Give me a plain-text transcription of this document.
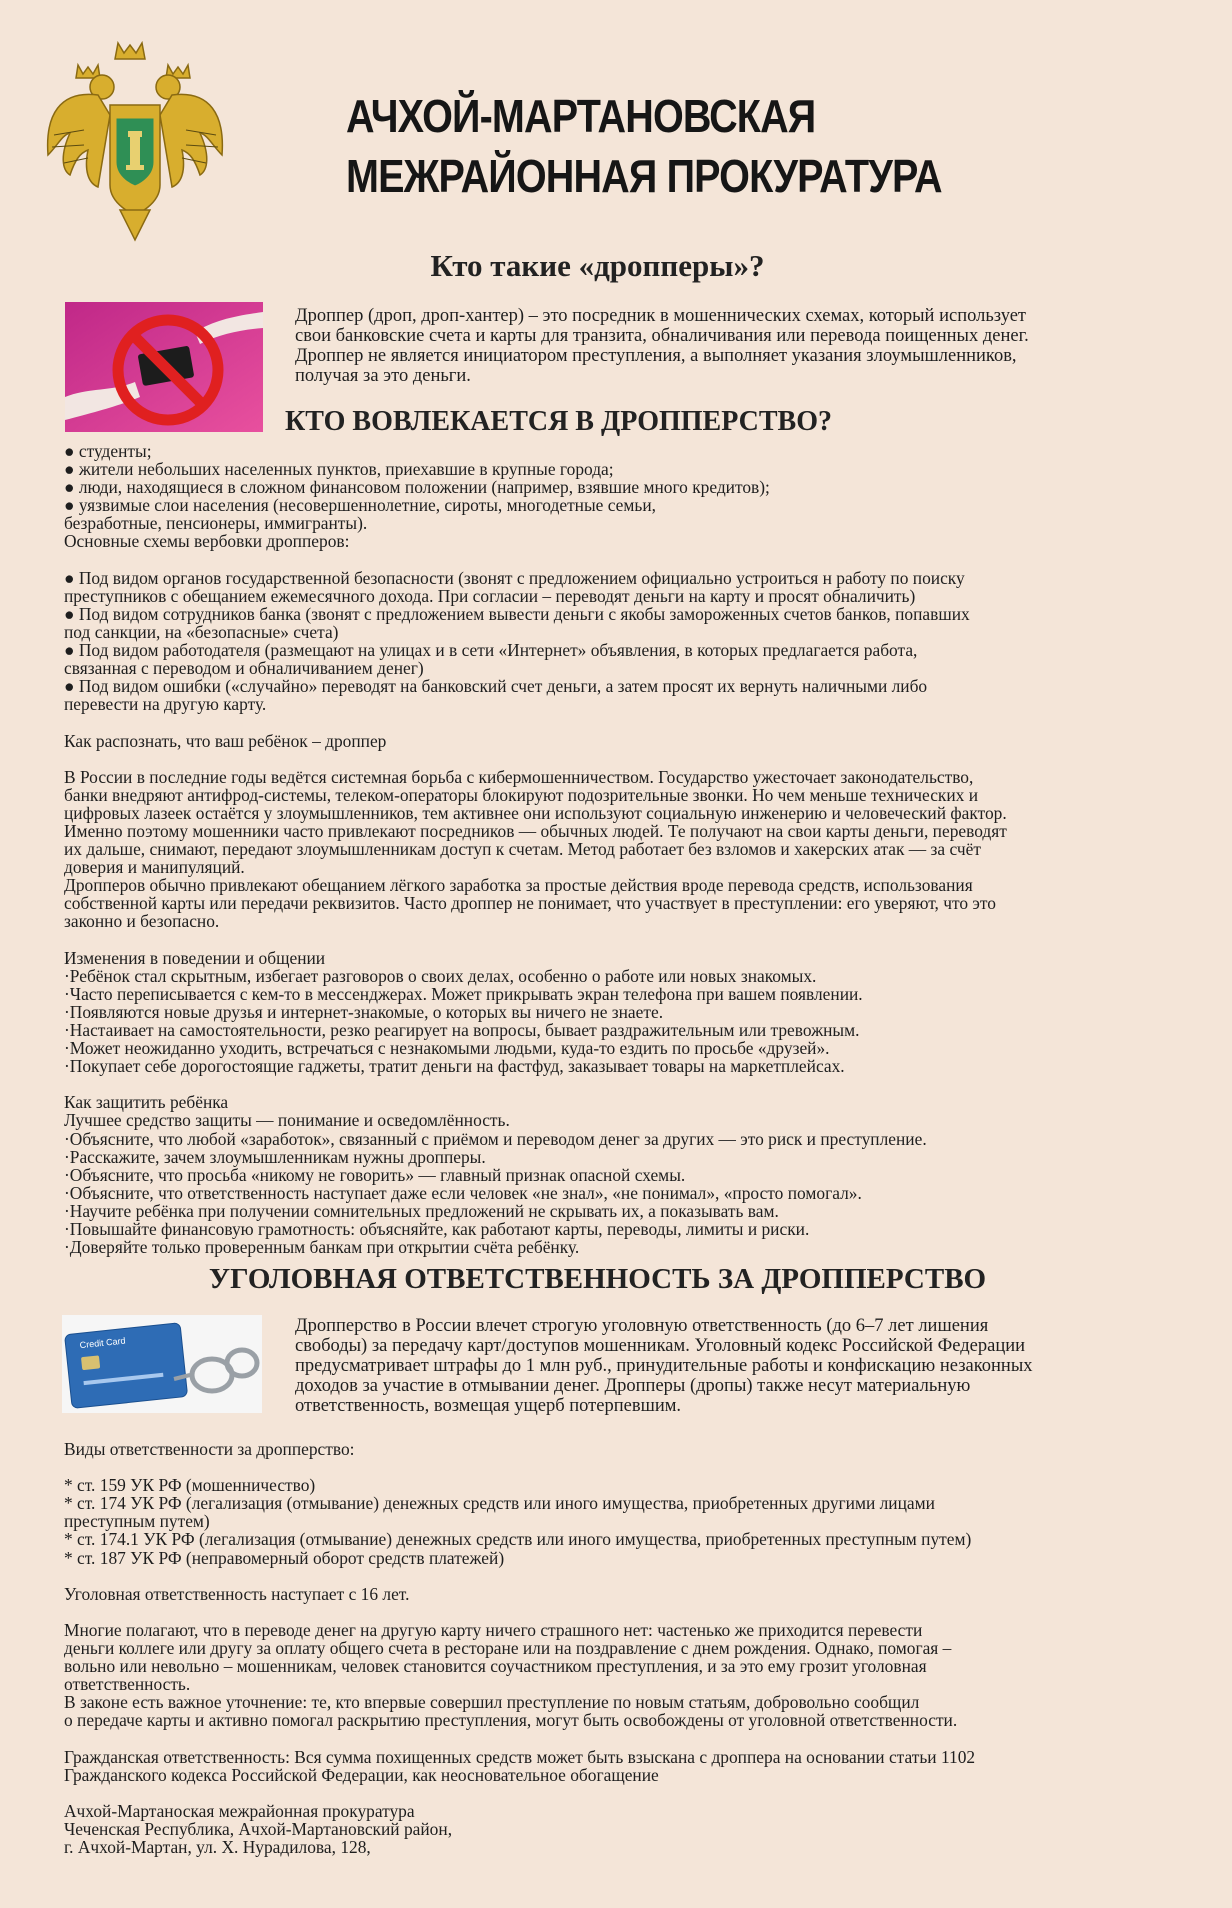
АЧХОЙ-МАРТАНОВСКАЯ
МЕЖРАЙОННАЯ ПРОКУРАТУРА
Кто такие «дропперы»?
Дроппер (дроп, дроп-хантер) – это посредник в мошеннических схемах, который использует
свои банковские счета и карты для транзита, обналичивания или перевода поищенных денег.
Дроппер не является инициатором преступления, а выполняет указания злоумышленников,
получая за это деньги.
КТО ВОВЛЕКАЕТСЯ В ДРОППЕРСТВО?

● студенты;

● жители небольших населенных пунктов, приехавшие в крупные города;

● люди, находящиеся в сложном финансовом положении (например, взявшие много кредитов);

● уязвимые слои населения (несовершеннолетние, сироты, многодетные семьи,

безработные, пенсионеры, иммигранты).

Основные схемы вербовки дропперов:

● Под видом органов государственной безопасности (звонят с предложением официально устроиться н работу по поиску

преступников с обещанием ежемесячного дохода. При согласии – переводят деньги на карту и просят обналичить)

● Под видом сотрудников банка (звонят с предложением вывести деньги с якобы замороженных счетов банков, попавших

под санкции, на «безопасные» счета)

● Под видом работодателя (размещают на улицах и в сети «Интернет» объявления, в которых предлагается работа,

связанная с переводом и обналичиванием денег)

● Под видом ошибки («случайно» переводят на банковский счет деньги, а затем просят их вернуть наличными либо

перевести на другую карту.

Как распознать, что ваш ребёнок – дроппер

В России в последние годы ведётся системная борьба с кибермошенничеством. Государство ужесточает законодательство,

банки внедряют антифрод-системы, телеком-операторы блокируют подозрительные звонки. Но чем меньше технических и

цифровых лазеек остаётся у злоумышленников, тем активнее они используют социальную инженерию и человеческий фактор.

Именно поэтому мошенники часто привлекают посредников — обычных людей. Те получают на свои карты деньги, переводят

их дальше, снимают, передают злоумышленникам доступ к счетам. Метод работает без взломов и хакерских атак — за счёт

доверия и манипуляций.

Дропперов обычно привлекают обещанием лёгкого заработка за простые действия вроде перевода средств, использования

собственной карты или передачи реквизитов. Часто дроппер не понимает, что участвует в преступлении: его уверяют, что это

законно и безопасно.

Изменения в поведении и общении

·Ребёнок стал скрытным, избегает разговоров о своих делах, особенно о работе или новых знакомых.

·Часто переписывается с кем-то в мессенджерах. Может прикрывать экран телефона при вашем появлении.

·Появляются новые друзья и интернет-знакомые, о которых вы ничего не знаете.

·Настаивает на самостоятельности, резко реагирует на вопросы, бывает раздражительным или тревожным.

·Может неожиданно уходить, встречаться с незнакомыми людьми, куда-то ездить по просьбе «друзей».

·Покупает себе дорогостоящие гаджеты, тратит деньги на фастфуд, заказывает товары на маркетплейсах.

Как защитить ребёнка

Лучшее средство защиты — понимание и осведомлённость.

·Объясните, что любой «заработок», связанный с приёмом и переводом денег за других — это риск и преступление.

·Расскажите, зачем злоумышленникам нужны дропперы.

·Объясните, что просьба «никому не говорить» — главный признак опасной схемы.

·Объясните, что ответственность наступает даже если человек «не знал», «не понимал», «просто помогал».

·Научите ребёнка при получении сомнительных предложений не скрывать их, а показывать вам.

·Повышайте финансовую грамотность: объясняйте, как работают карты, переводы, лимиты и риски.

·Доверяйте только проверенным банкам при открытии счёта ребёнку.

УГОЛОВНАЯ ОТВЕТСТВЕННОСТЬ ЗА ДРОППЕРСТВО
Credit Card
Дропперство в России влечет строгую уголовную ответственность (до 6–7 лет лишения
свободы) за передачу карт/доступов мошенникам. Уголовный кодекс Российской Федерации
предусматривает штрафы до 1 млн руб., принудительные работы и конфискацию незаконных
доходов за участие в отмывании денег. Дропперы (дропы) также несут материальную
ответственность, возмещая ущерб потерпевшим.

Виды ответственности за дропперство:

* ст. 159 УК РФ (мошенничество)

* ст. 174 УК РФ (легализация (отмывание) денежных средств или иного имущества, приобретенных другими лицами

преступным путем)

* ст. 174.1 УК РФ (легализация (отмывание) денежных средств или иного имущества, приобретенных преступным путем)

* ст. 187 УК РФ (неправомерный оборот средств платежей)

Уголовная ответственность наступает с 16 лет.

Многие полагают, что в переводе денег на другую карту ничего страшного нет: частенько же приходится перевести

деньги коллеге или другу за оплату общего счета в ресторане или на поздравление с днем рождения. Однако, помогая –

вольно или невольно – мошенникам, человек становится соучастником преступления, и за это ему грозит уголовная

ответственность.

В законе есть важное уточнение: те, кто впервые совершил преступление по новым статьям, добровольно сообщил

о передаче карты и активно помогал раскрытию преступления, могут быть освобождены от уголовной ответственности.

Гражданская ответственность: Вся сумма похищенных средств может быть взыскана с дроппера на основании статьи 1102

Гражданского кодекса Российской Федерации, как неосновательное обогащение

Ачхой-Мартаноская межрайонная прокуратура

Чеченская Республика, Ачхой-Мартановский район,

г. Ачхой-Мартан, ул. Х. Нурадилова, 128,
